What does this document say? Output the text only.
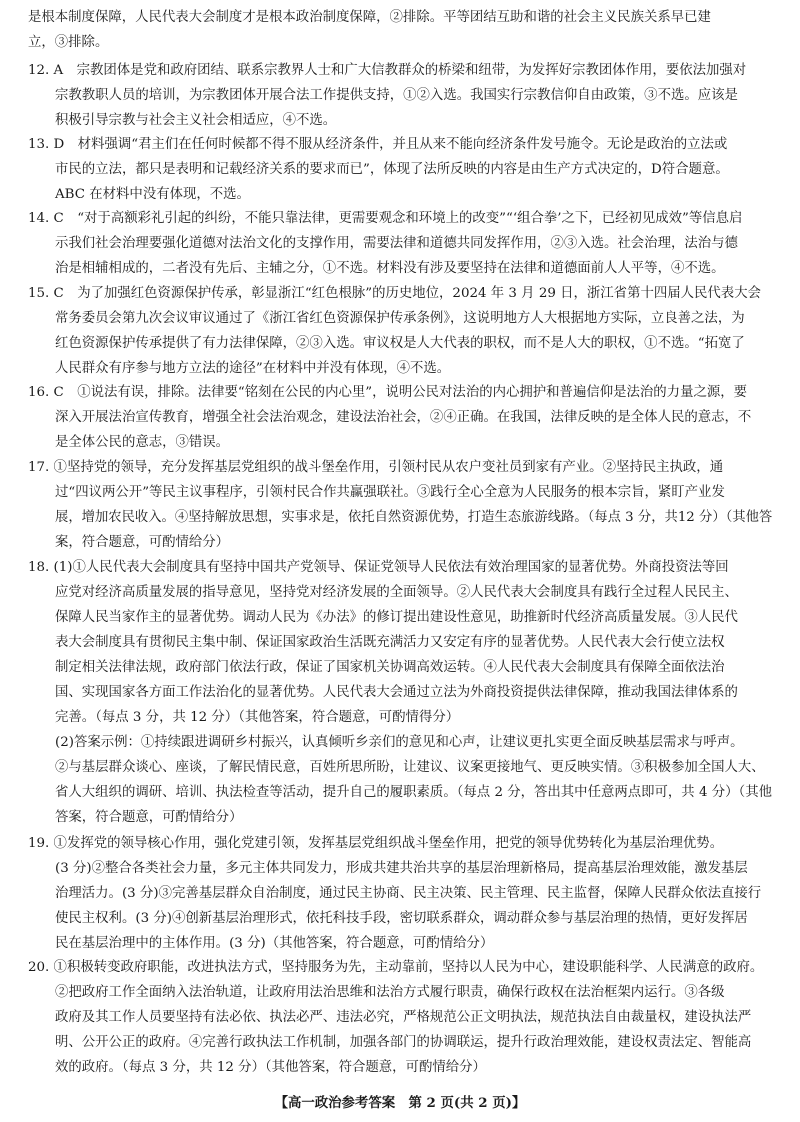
是根本制度保障，人民代表大会制度才是根本政治制度保障，②排除。平等团结互助和谐的社会主义民族关系早已建
立，③排除。
12. A　宗教团体是党和政府团结、联系宗教界人士和广大信教群众的桥梁和纽带，为发挥好宗教团体作用，要依法加强对
宗教教职人员的培训，为宗教团体开展合法工作提供支持，①②入选。我国实行宗教信仰自由政策，③不选。应该是
积极引导宗教与社会主义社会相适应，④不选。
13. D　材料强调“君主们在任何时候都不得不服从经济条件，并且从来不能向经济条件发号施令。无论是政治的立法或
市民的立法，都只是表明和记载经济关系的要求而已”，体现了法所反映的内容是由生产方式决定的，D符合题意。
ABC 在材料中没有体现，不选。
14. C　“对于高额彩礼引起的纠纷，不能只靠法律，更需要观念和环境上的改变”“‘组合拳’之下，已经初见成效”等信息启
示我们社会治理要强化道德对法治文化的支撑作用，需要法律和道德共同发挥作用，②③入选。社会治理，法治与德
治是相辅相成的，二者没有先后、主辅之分，①不选。材料没有涉及要坚持在法律和道德面前人人平等，④不选。
15. C　为了加强红色资源保护传承，彰显浙江“红色根脉”的历史地位，2024 年 3 月 29 日，浙江省第十四届人民代表大会
常务委员会第九次会议审议通过了《浙江省红色资源保护传承条例》，这说明地方人大根据地方实际，立良善之法，为
红色资源保护传承提供了有力法律保障，②③入选。审议权是人大代表的职权，而不是人大的职权，①不选。“拓宽了
人民群众有序参与地方立法的途径”在材料中并没有体现，④不选。
16. C　①说法有误，排除。法律要“铭刻在公民的内心里”，说明公民对法治的内心拥护和普遍信仰是法治的力量之源，要
深入开展法治宣传教育，增强全社会法治观念，建设法治社会，②④正确。在我国，法律反映的是全体人民的意志，不
是全体公民的意志，③错误。
17. ①坚持党的领导，充分发挥基层党组织的战斗堡垒作用，引领村民从农户变社员到家有产业。②坚持民主执政，通
过“四议两公开”等民主议事程序，引领村民合作共赢强联社。③践行全心全意为人民服务的根本宗旨，紧盯产业发
展，增加农民收入。④坚持解放思想，实事求是，依托自然资源优势，打造生态旅游线路。（每点 3 分，共12 分）（其他答
案，符合题意，可酌情给分）
18. (1)①人民代表大会制度具有坚持中国共产党领导、保证党领导人民依法有效治理国家的显著优势。外商投资法等回
应党对经济高质量发展的指导意见，坚持党对经济发展的全面领导。②人民代表大会制度具有践行全过程人民民主、
保障人民当家作主的显著优势。调动人民为《办法》的修订提出建设性意见，助推新时代经济高质量发展。③人民代
表大会制度具有贯彻民主集中制、保证国家政治生活既充满活力又安定有序的显著优势。人民代表大会行使立法权
制定相关法律法规，政府部门依法行政，保证了国家机关协调高效运转。④人民代表大会制度具有保障全面依法治
国、实现国家各方面工作法治化的显著优势。人民代表大会通过立法为外商投资提供法律保障，推动我国法律体系的
完善。（每点 3 分，共 12 分）（其他答案，符合题意，可酌情得分）
(2)答案示例：①持续跟进调研乡村振兴，认真倾听乡亲们的意见和心声，让建议更扎实更全面反映基层需求与呼声。
②与基层群众谈心、座谈，了解民情民意，百姓所思所盼，让建议、议案更接地气、更反映实情。③积极参加全国人大、
省人大组织的调研、培训、执法检查等活动，提升自己的履职素质。（每点 2 分，答出其中任意两点即可，共 4 分）（其他
答案，符合题意，可酌情给分）
19. ①发挥党的领导核心作用，强化党建引领，发挥基层党组织战斗堡垒作用，把党的领导优势转化为基层治理优势。
(3 分)②整合各类社会力量，多元主体共同发力，形成共建共治共享的基层治理新格局，提高基层治理效能，激发基层
治理活力。(3 分)③完善基层群众自治制度，通过民主协商、民主决策、民主管理、民主监督，保障人民群众依法直接行
使民主权利。(3 分)④创新基层治理形式，依托科技手段，密切联系群众，调动群众参与基层治理的热情，更好发挥居
民在基层治理中的主体作用。(3 分)（其他答案，符合题意，可酌情给分）
20. ①积极转变政府职能，改进执法方式，坚持服务为先，主动靠前，坚持以人民为中心，建设职能科学、人民满意的政府。
②把政府工作全面纳入法治轨道，让政府用法治思维和法治方式履行职责，确保行政权在法治框架内运行。③各级
政府及其工作人员要坚持有法必依、执法必严、违法必究，严格规范公正文明执法，规范执法自由裁量权，建设执法严
明、公开公正的政府。④完善行政执法工作机制，加强各部门的协调联运，提升行政治理效能，建设权责法定、智能高
效的政府。（每点 3 分，共 12 分）（其他答案，符合题意，可酌情给分）
【高一政治参考答案　第 2 页(共 2 页)】
